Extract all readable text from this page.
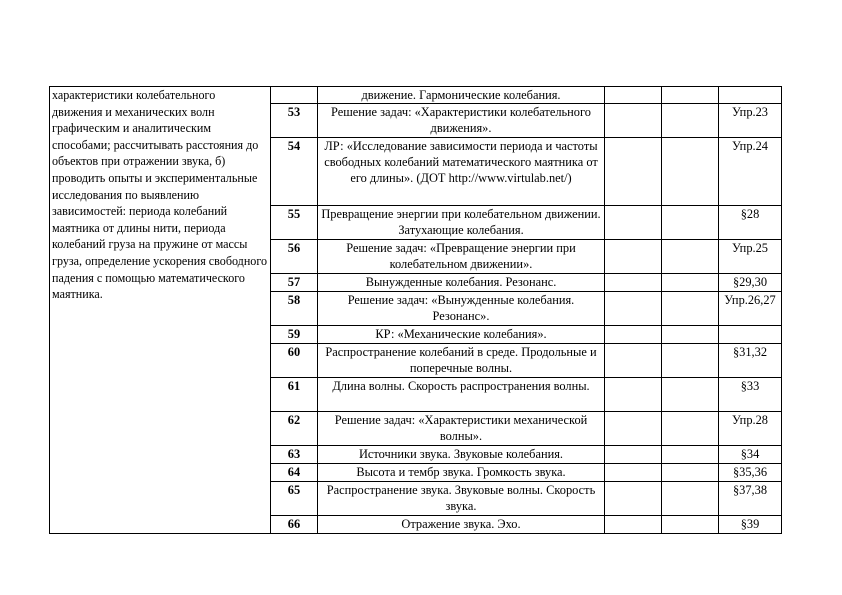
характеристики колебательного движения и механических волн графическим и аналитическим способами; рассчитывать расстояния до объектов при отражении звука, б) проводить опыты и экспериментальные исследования по выявлению зависимостей: периода колебаний маятника от длины нити, периода колебаний груза на пружине от массы груза, определение ускорения свободного падения с помощью математического маятника.		движение. Гармонические колебания.			
	53	Решение задач: «Характеристики колебательного движения».			Упр.23
	54	ЛР: «Исследование зависимости периода и частоты свободных колебаний математического маятника от его длины». (ДОТ http://www.virtulab.net/)			Упр.24
	55	Превращение энергии при колебательном движении. Затухающие колебания.			§28
	56	Решение задач: «Превращение энергии при колебательном движении».			Упр.25
	57	Вынужденные колебания. Резонанс.			§29,30
	58	Решение задач: «Вынужденные колебания. Резонанс».			Упр.26,27
	59	КР: «Механические колебания».			
	60	Распространение колебаний в среде. Продольные и поперечные волны.			§31,32
	61	Длина волны. Скорость распространения волны.			§33
	62	Решение задач: «Характеристики механической волны».			Упр.28
	63	Источники звука. Звуковые колебания.			§34
	64	Высота и тембр звука. Громкость звука.			§35,36
	65	Распространение звука. Звуковые волны. Скорость звука.			§37,38
	66	Отражение звука. Эхо.			§39
